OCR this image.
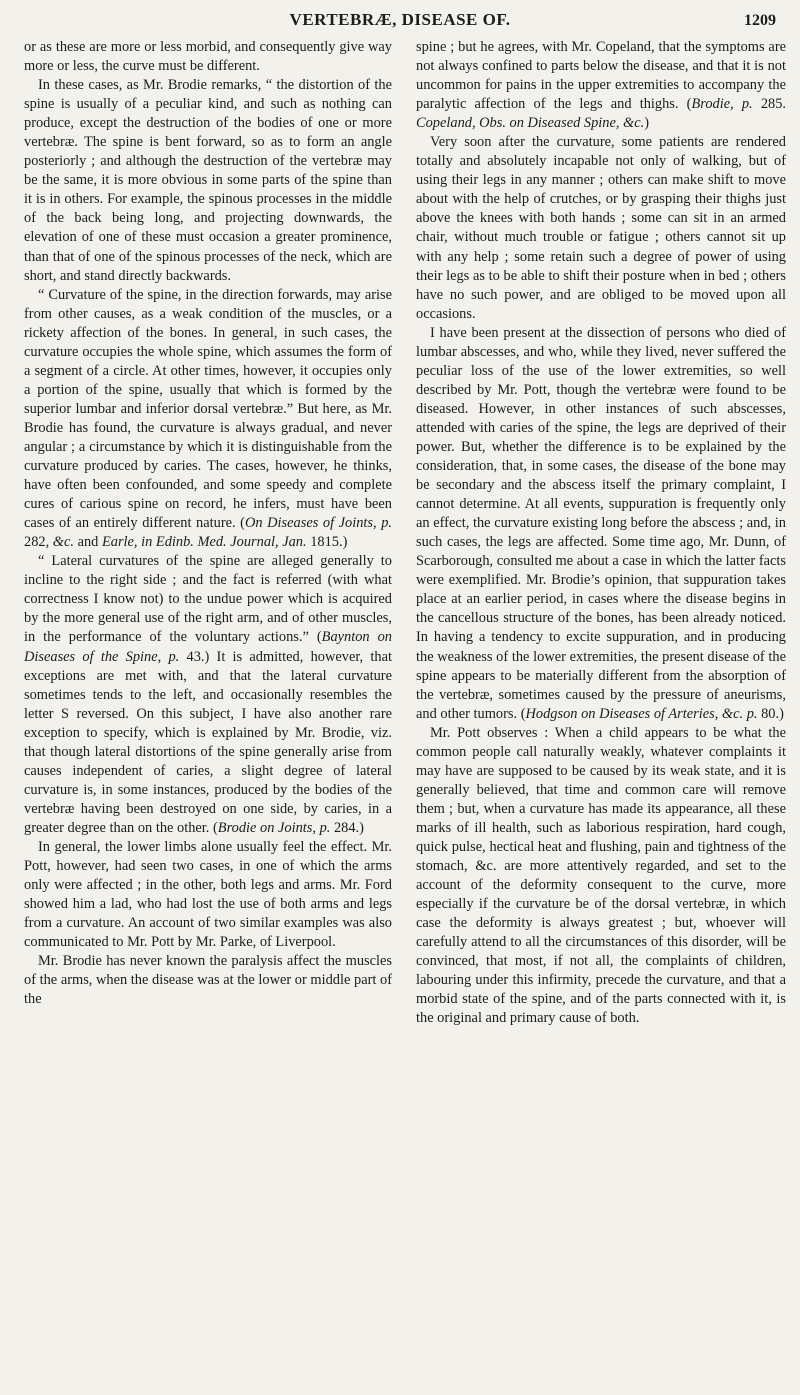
VERTEBRÆ, DISEASE OF.	1209

or as these are more or less morbid, and consequently give way more or less, the curve must be different.

In these cases, as Mr. Brodie remarks, “ the distortion of the spine is usually of a peculiar kind, and such as nothing can produce, except the destruction of the bodies of one or more vertebræ. The spine is bent forward, so as to form an angle posteriorly ; and although the destruction of the vertebræ may be the same, it is more obvious in some parts of the spine than it is in others. For example, the spinous processes in the middle of the back being long, and projecting downwards, the elevation of one of these must occasion a greater prominence, than that of one of the spinous processes of the neck, which are short, and stand directly backwards.

“ Curvature of the spine, in the direction forwards, may arise from other causes, as a weak condition of the muscles, or a rickety affection of the bones. In general, in such cases, the curvature occupies the whole spine, which assumes the form of a segment of a circle. At other times, however, it occupies only a portion of the spine, usually that which is formed by the superior lumbar and inferior dorsal vertebræ.” But here, as Mr. Brodie has found, the curvature is always gradual, and never angular ; a circumstance by which it is distinguishable from the curvature produced by caries. The cases, however, he thinks, have often been confounded, and some speedy and complete cures of carious spine on record, he infers, must have been cases of an entirely different nature. (On Diseases of Joints, p. 282, &c. and Earle, in Edinb. Med. Journal, Jan. 1815.)

“ Lateral curvatures of the spine are alleged generally to incline to the right side ; and the fact is referred (with what correctness I know not) to the undue power which is acquired by the more general use of the right arm, and of other muscles, in the performance of the voluntary actions.” (Baynton on Diseases of the Spine, p. 43.) It is admitted, however, that exceptions are met with, and that the lateral curvature sometimes tends to the left, and occasionally resembles the letter S reversed. On this subject, I have also another rare exception to specify, which is explained by Mr. Brodie, viz. that though lateral distortions of the spine generally arise from causes independent of caries, a slight degree of lateral curvature is, in some instances, produced by the bodies of the vertebræ having been destroyed on one side, by caries, in a greater degree than on the other. (Brodie on Joints, p. 284.)

In general, the lower limbs alone usually feel the effect. Mr. Pott, however, had seen two cases, in one of which the arms only were affected ; in the other, both legs and arms. Mr. Ford showed him a lad, who had lost the use of both arms and legs from a curvature. An account of two similar examples was also communicated to Mr. Pott by Mr. Parke, of Liverpool.

Mr. Brodie has never known the paralysis affect the muscles of the arms, when the disease was at the lower or middle part of the

spine ; but he agrees, with Mr. Copeland, that the symptoms are not always confined to parts below the disease, and that it is not uncommon for pains in the upper extremities to accompany the paralytic affection of the legs and thighs. (Brodie, p. 285. Copeland, Obs. on Diseased Spine, &c.)

Very soon after the curvature, some patients are rendered totally and absolutely incapable not only of walking, but of using their legs in any manner ; others can make shift to move about with the help of crutches, or by grasping their thighs just above the knees with both hands ; some can sit in an armed chair, without much trouble or fatigue ; others cannot sit up with any help ; some retain such a degree of power of using their legs as to be able to shift their posture when in bed ; others have no such power, and are obliged to be moved upon all occasions.

I have been present at the dissection of persons who died of lumbar abscesses, and who, while they lived, never suffered the peculiar loss of the use of the lower extremities, so well described by Mr. Pott, though the vertebræ were found to be diseased. However, in other instances of such abscesses, attended with caries of the spine, the legs are deprived of their power. But, whether the difference is to be explained by the consideration, that, in some cases, the disease of the bone may be secondary and the abscess itself the primary complaint, I cannot determine. At all events, suppuration is frequently only an effect, the curvature existing long before the abscess ; and, in such cases, the legs are affected. Some time ago, Mr. Dunn, of Scarborough, consulted me about a case in which the latter facts were exemplified. Mr. Brodie’s opinion, that suppuration takes place at an earlier period, in cases where the disease begins in the cancellous structure of the bones, has been already noticed. In having a tendency to excite suppuration, and in producing the weakness of the lower extremities, the present disease of the spine appears to be materially different from the absorption of the vertebræ, sometimes caused by the pressure of aneurisms, and other tumors. (Hodgson on Diseases of Arteries, &c. p. 80.)

Mr. Pott observes : When a child appears to be what the common people call naturally weakly, whatever complaints it may have are supposed to be caused by its weak state, and it is generally believed, that time and common care will remove them ; but, when a curvature has made its appearance, all these marks of ill health, such as laborious respiration, hard cough, quick pulse, hectical heat and flushing, pain and tightness of the stomach, &c. are more attentively regarded, and set to the account of the deformity consequent to the curve, more especially if the curvature be of the dorsal vertebræ, in which case the deformity is always greatest ; but, whoever will carefully attend to all the circumstances of this disorder, will be convinced, that most, if not all, the complaints of children, labouring under this infirmity, precede the curvature, and that a morbid state of the spine, and of the parts connected with it, is the original and primary cause of both.
